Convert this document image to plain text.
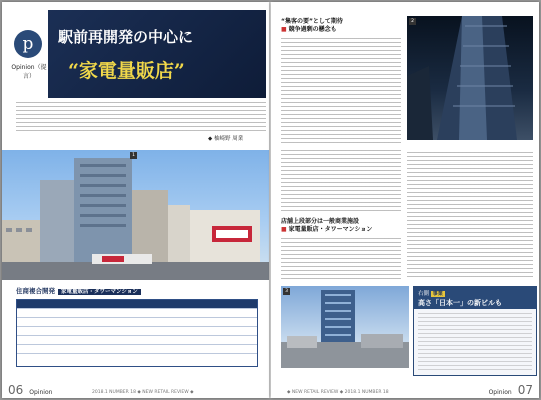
p
Opinion（提言）
駅前再開発の中心に
“家電量販店”
◆ 柚崎野 周業
1
住商複合開発 家電量販店・タワーマンション
06 Opinion	2018.1 NUMBER 18 ◆ NEW RETAIL REVIEW ◆
“集客の要”として期待
■ 競争過剰の懸念も
2
店舗上段部分は一般商業施設
■ 家電量販店・タワーマンション
3	右側 事業
高さ「日本一」の新ビルも
◆ NEW RETAIL REVIEW ◆ 2018.1 NUMBER 18	Opinion 07
